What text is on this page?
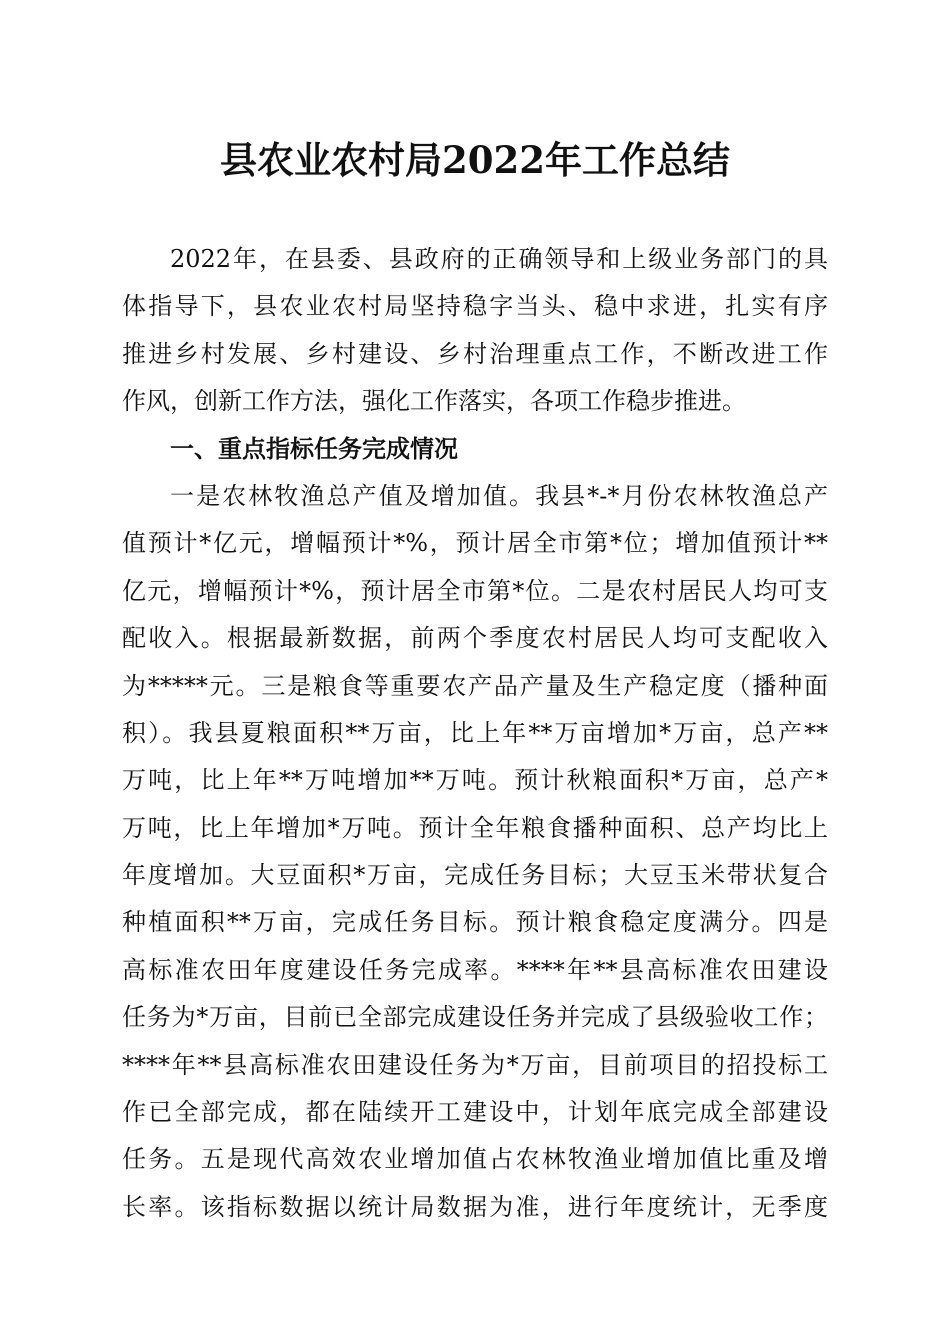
县农业农村局2022年工作总结
2022年，在县委、县政府的正确领导和上级业务部门的具
体指导下，县农业农村局坚持稳字当头、稳中求进，扎实有序
推进乡村发展、乡村建设、乡村治理重点工作，不断改进工作
作风，创新工作方法，强化工作落实，各项工作稳步推进。
一、重点指标任务完成情况
一是农林牧渔总产值及增加值。我县*-*月份农林牧渔总产
值预计*亿元，增幅预计*%，预计居全市第*位；增加值预计**
亿元，增幅预计*%，预计居全市第*位。二是农村居民人均可支
配收入。根据最新数据，前两个季度农村居民人均可支配收入
为*****元。三是粮食等重要农产品产量及生产稳定度（播种面
积）。我县夏粮面积**万亩，比上年**万亩增加*万亩，总产**
万吨，比上年**万吨增加**万吨。预计秋粮面积*万亩，总产*
万吨，比上年增加*万吨。预计全年粮食播种面积、总产均比上
年度增加。大豆面积*万亩，完成任务目标；大豆玉米带状复合
种植面积**万亩，完成任务目标。预计粮食稳定度满分。四是
高标准农田年度建设任务完成率。****年**县高标准农田建设
任务为*万亩，目前已全部完成建设任务并完成了县级验收工作；
****年**县高标准农田建设任务为*万亩，目前项目的招投标工
作已全部完成，都在陆续开工建设中，计划年底完成全部建设
任务。五是现代高效农业增加值占农林牧渔业增加值比重及增
长率。该指标数据以统计局数据为准，进行年度统计，无季度
